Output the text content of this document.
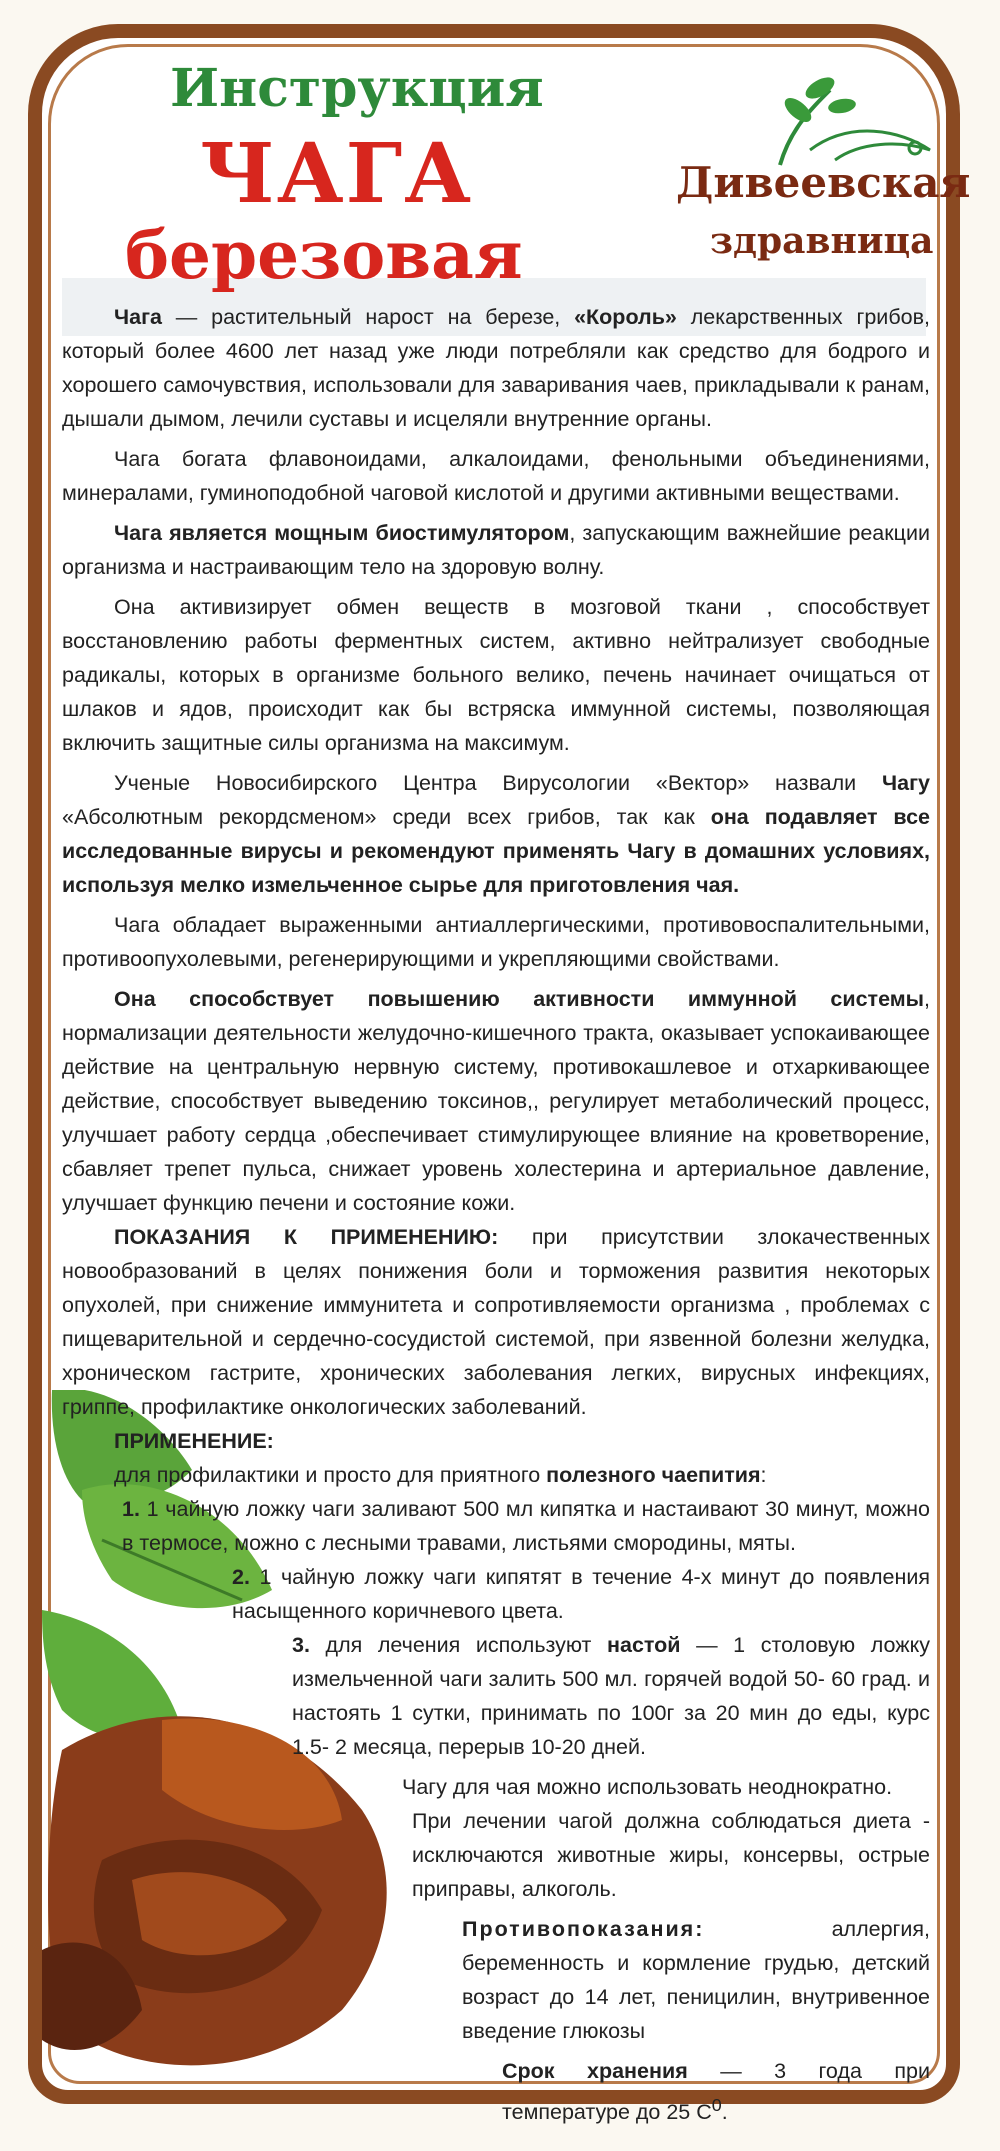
Инструкция
ЧАГА
березовая
Дивеевская
здравница

Чага — растительный нарост на березе, «Король» лекарственных грибов, который более 4600 лет назад уже люди потребляли как средство для бодрого и хорошего самочувствия, использовали для заваривания чаев, прикладывали к ранам, дышали дымом, лечили суставы и исцеляли внутренние органы.

Чага богата флавоноидами, алкалоидами, фенольными объединениями, минералами, гуминоподобной чаговой кислотой и другими активными веществами.

Чага является мощным биостимулятором, запускающим важнейшие реакции организма и настраивающим тело на здоровую волну.

Она активизирует обмен веществ в мозговой ткани , способствует восстановлению работы ферментных систем, активно нейтрализует свободные радикалы, которых в организме больного велико, печень начинает очищаться от шлаков и ядов, происходит как бы встряска иммунной системы, позволяющая включить защитные силы организма на максимум.

Ученые Новосибирского Центра Вирусологии «Вектор» назвали Чагу «Абсолютным рекордсменом» среди всех грибов, так как она подавляет все исследованные вирусы и рекомендуют применять Чагу в домашних условиях, используя мелко измельченное сырье для приготовления чая.

Чага обладает выраженными антиаллергическими, противовоспалительными, противоопухолевыми, регенерирующими и укрепляющими свойствами.

Она способствует повышению активности иммунной системы, нормализации деятельности желудочно-кишечного тракта, оказывает успокаивающее действие на центральную нервную систему, противокашлевое и отхаркивающее действие, способствует выведению токсинов,, регулирует метаболический процесс, улучшает работу сердца ,обеспечивает стимулирующее влияние на кроветворение, сбавляет трепет пульса, снижает уровень холестерина и артериальное давление, улучшает функцию печени и состояние кожи.

ПОКАЗАНИЯ К ПРИМЕНЕНИЮ: при присутствии злокачественных новообразований в целях понижения боли и торможения развития некоторых опухолей, при снижение иммунитета и сопротивляемости организма , проблемах с пищеварительной и сердечно-сосудистой системой, при язвенной болезни желудка, хроническом гастрите, хронических заболевания легких, вирусных инфекциях, гриппе, профилактике онкологических заболеваний.

ПРИМЕНЕНИЕ:

для профилактики и просто для приятного полезного чаепития:

1. 1 чайную ложку чаги заливают 500 мл кипятка и настаивают 30 минут, можно в термосе, можно с лесными травами, листьями смородины, мяты.

2. 1 чайную ложку чаги кипятят в течение 4-х минут до появления насыщенного коричневого цвета.

3. для лечения используют настой — 1 столовую ложку измельченной чаги залить 500 мл. горячей водой 50- 60 град. и настоять 1 сутки, принимать по 100г за 20 мин до еды, курс 1.5- 2 месяца, перерыв 10-20 дней.

Чагу для чая можно использовать неоднократно.

При лечении чагой должна соблюдаться диета - исключаются животные жиры, консервы, острые приправы, алкоголь.

Противопоказания: аллергия, беременность и кормление грудью, детский возраст до 14 лет, пеницилин, внутривенное введение глюкозы

Срок хранения — 3 года при температуре до 25 $С^0$.
